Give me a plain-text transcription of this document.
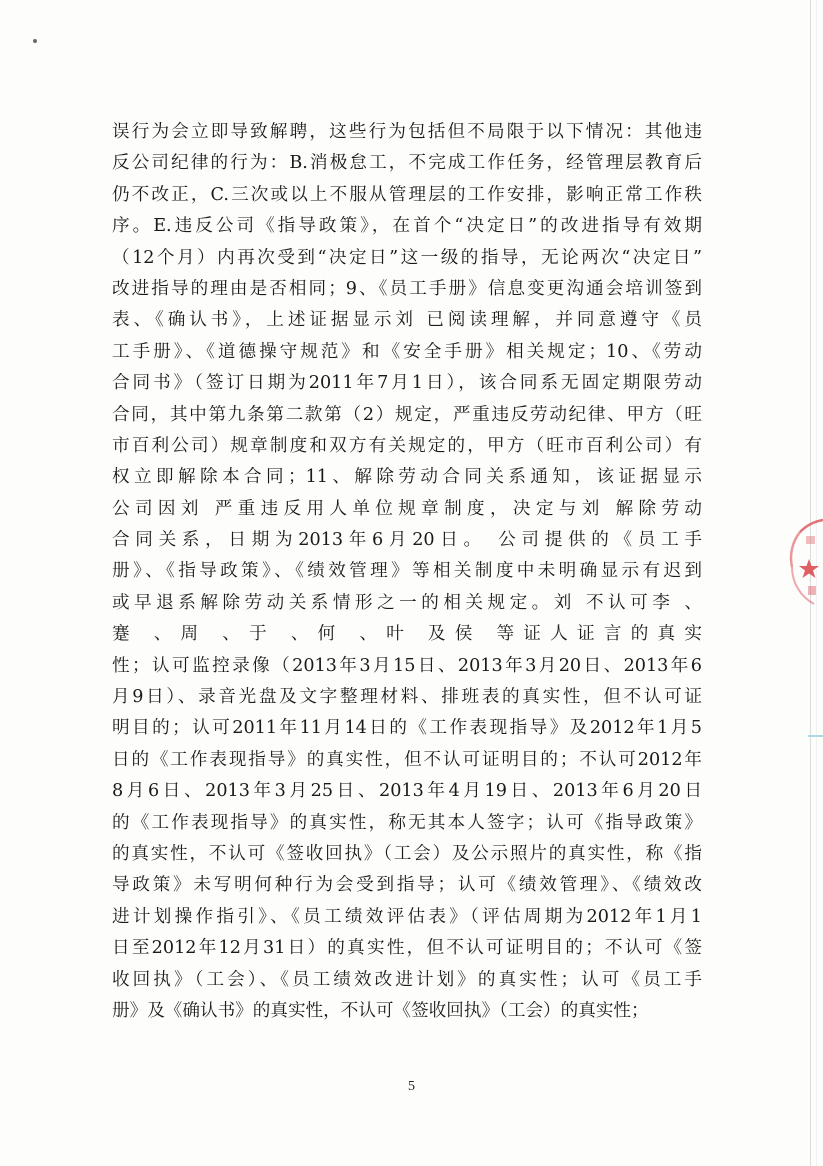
误行为会立即导致解聘，这些行为包括但不局限于以下情况：其他违
反公司纪律的行为：B.消极怠工，不完成工作任务，经管理层教育后
仍不改正，C.三次或以上不服从管理层的工作安排，影响正常工作秩
序。E.违反公司《指导政策》，在首个“决定日”的改进指导有效期
（12个月）内再次受到“决定日”这一级的指导，无论两次“决定日”
改进指导的理由是否相同；9、《员工手册》信息变更沟通会培训签到
表、《确认书》，上述证据显示刘 已阅读理解，并同意遵守《员
工手册》、《道德操守规范》和《安全手册》相关规定；10、《劳动
合同书》（签订日期为2011年7月1日），该合同系无固定期限劳动
合同，其中第九条第二款第（2）规定，严重违反劳动纪律、甲方（旺
市百利公司）规章制度和双方有关规定的，甲方（旺市百利公司）有
权立即解除本合同；11、解除劳动合同关系通知，该证据显示
公司因刘 严重违反用人单位规章制度，决定与刘 解除劳动
合同关系，日期为2013年6月20日。 公司提供的《员工手
册》、《指导政策》、《绩效管理》等相关制度中未明确显示有迟到
或早退系解除劳动关系情形之一的相关规定。刘 不认可李 、
蹇 、周 、于 、何 、叶 及侯 等证人证言的真实
性；认可监控录像（2013年3月15日、2013年3月20日、2013年6
月9日）、录音光盘及文字整理材料、排班表的真实性，但不认可证
明目的；认可2011年11月14日的《工作表现指导》及2012年1月5
日的《工作表现指导》的真实性，但不认可证明目的；不认可2012年
8月6日、2013年3月25日、2013年4月19日、2013年6月20日
的《工作表现指导》的真实性，称无其本人签字；认可《指导政策》
的真实性，不认可《签收回执》（工会）及公示照片的真实性，称《指
导政策》未写明何种行为会受到指导；认可《绩效管理》、《绩效改
进计划操作指引》、《员工绩效评估表》（评估周期为2012年1月1
日至2012年12月31日）的真实性，但不认可证明目的；不认可《签
收回执》（工会）、《员工绩效改进计划》的真实性；认可《员工手
册》及《确认书》的真实性，不认可《签收回执》（工会）的真实性；
5
